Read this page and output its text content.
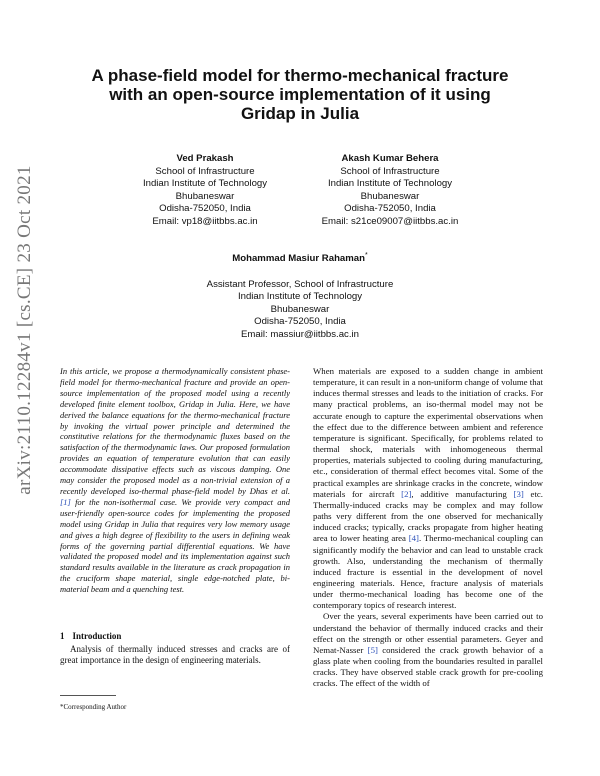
arXiv:2110.12284v1 [cs.CE] 23 Oct 2021
A phase-field model for thermo-mechanical fracture with an open-source implementation of it using Gridap in Julia
Ved Prakash
School of Infrastructure
Indian Institute of Technology
Bhubaneswar
Odisha-752050, India
Email: vp18@iitbbs.ac.in
Akash Kumar Behera
School of Infrastructure
Indian Institute of Technology
Bhubaneswar
Odisha-752050, India
Email: s21ce09007@iitbbs.ac.in
Mohammad Masiur Rahaman*
Assistant Professor, School of Infrastructure
Indian Institute of Technology
Bhubaneswar
Odisha-752050, India
Email: massiur@iitbbs.ac.in
In this article, we propose a thermodynamically consistent phase-field model for thermo-mechanical fracture and provide an open-source implementation of the proposed model using a recently developed finite element toolbox, Gridap in Julia. Here, we have derived the balance equations for the thermo-mechanical fracture by invoking the virtual power principle and determined the constitutive relations for the thermodynamic fluxes based on the satisfaction of the thermodynamic laws. Our proposed formulation provides an equation of temperature evolution that can easily accommodate dissipative effects such as viscous damping. One may consider the proposed model as a non-trivial extension of a recently developed iso-thermal phase-field model by Dhas et al. [1] for the non-isothermal case. We provide very compact and user-friendly open-source codes for implementing the proposed model using Gridap in Julia that requires very low memory usage and gives a high degree of flexibility to the users in defining weak forms of the governing partial differential equations. We have validated the proposed model and its implementation against such standard results available in the literature as crack propagation in the cruciform shape material, single edge-notched plate, bi-material beam and a quenching test.
1 Introduction
Analysis of thermally induced stresses and cracks are of great importance in the design of engineering materials.
*Corresponding Author

When materials are exposed to a sudden change in ambient temperature, it can result in a non-uniform change of volume that induces thermal stresses and leads to the initiation of cracks. For many practical problems, an iso-thermal model may not be accurate enough to capture the experimental observations when the effect due to the difference between ambient and reference temperature is significant. Specifically, for problems related to thermal shock, materials with inhomogeneous thermal properties, materials subjected to cooling during manufacturing, etc., consideration of thermal effect becomes vital. Some of the practical examples are shrinkage cracks in the concrete, window materials for aircraft [2], additive manufacturing [3] etc. Thermally-induced cracks may be complex and may follow paths very different from the one observed for mechanically induced cracks; typically, cracks propagate from higher heating area to lower heating area [4]. Thermo-mechanical coupling can significantly modify the behavior and can lead to unstable crack growth. Also, understanding the mechanism of thermally induced fracture is essential in the development of novel engineering materials. Hence, fracture analysis of materials under thermo-mechanical loading has become one of the contemporary topics of research interest.

Over the years, several experiments have been carried out to understand the behavior of thermally induced cracks and their effect on the strength or other essential parameters. Geyer and Nemat-Nasser [5] considered the crack growth behavior of a glass plate when cooling from the boundaries resulted in parallel cracks. They have observed stable crack growth for pre-cooling cracks. The effect of the width of
